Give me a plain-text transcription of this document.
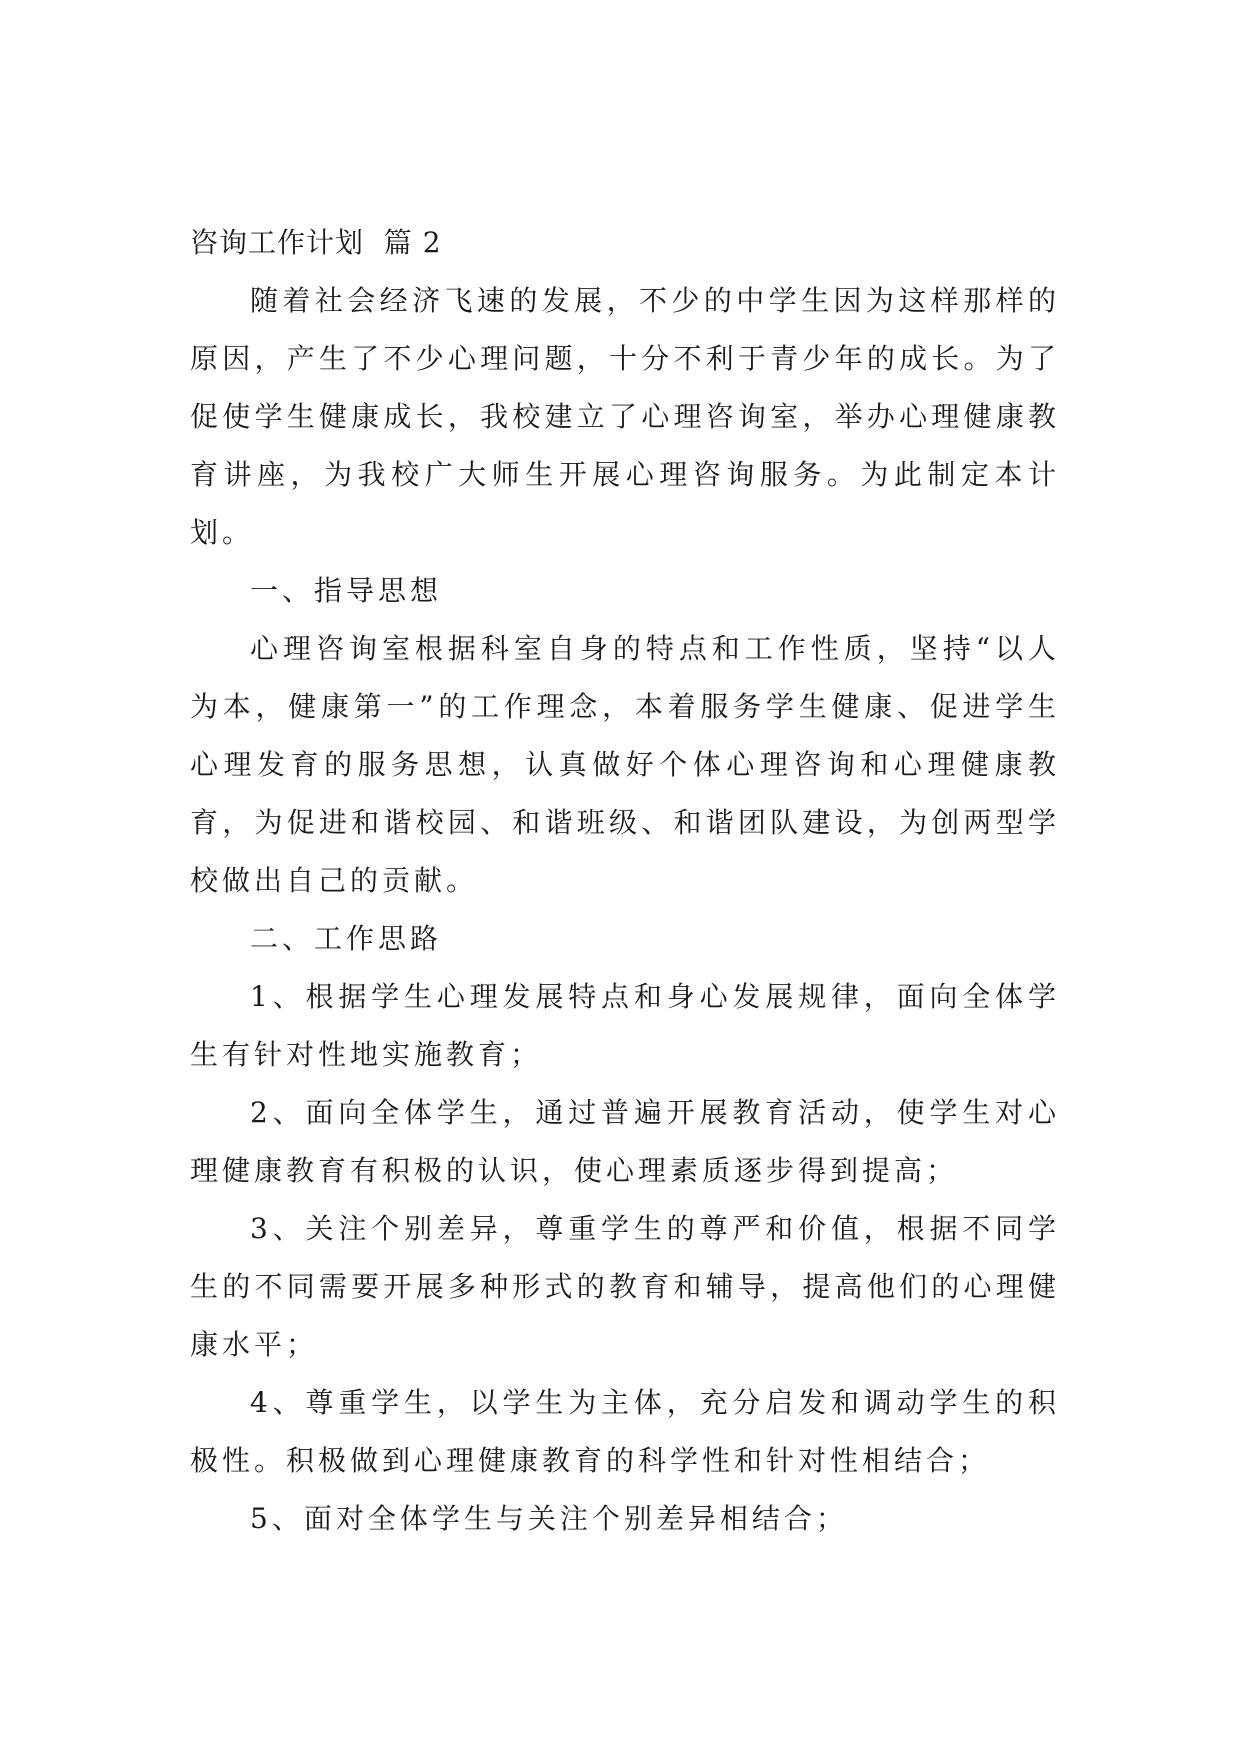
咨询工作计划  篇 2

随着社会经济飞速的发展，不少的中学生因为这样那样的原因，产生了不少心理问题，十分不利于青少年的成长。为了促使学生健康成长，我校建立了心理咨询室，举办心理健康教育讲座，为我校广大师生开展心理咨询服务。为此制定本计划。

一、指导思想

心理咨询室根据科室自身的特点和工作性质，坚持“以人为本，健康第一”的工作理念，本着服务学生健康、促进学生心理发育的服务思想，认真做好个体心理咨询和心理健康教育，为促进和谐校园、和谐班级、和谐团队建设，为创两型学校做出自己的贡献。

二、工作思路

1、根据学生心理发展特点和身心发展规律，面向全体学生有针对性地实施教育；

2、面向全体学生，通过普遍开展教育活动，使学生对心理健康教育有积极的认识，使心理素质逐步得到提高；

3、关注个别差异，尊重学生的尊严和价值，根据不同学生的不同需要开展多种形式的教育和辅导，提高他们的心理健康水平；

4、尊重学生，以学生为主体，充分启发和调动学生的积极性。积极做到心理健康教育的科学性和针对性相结合；

5、面对全体学生与关注个别差异相结合；
